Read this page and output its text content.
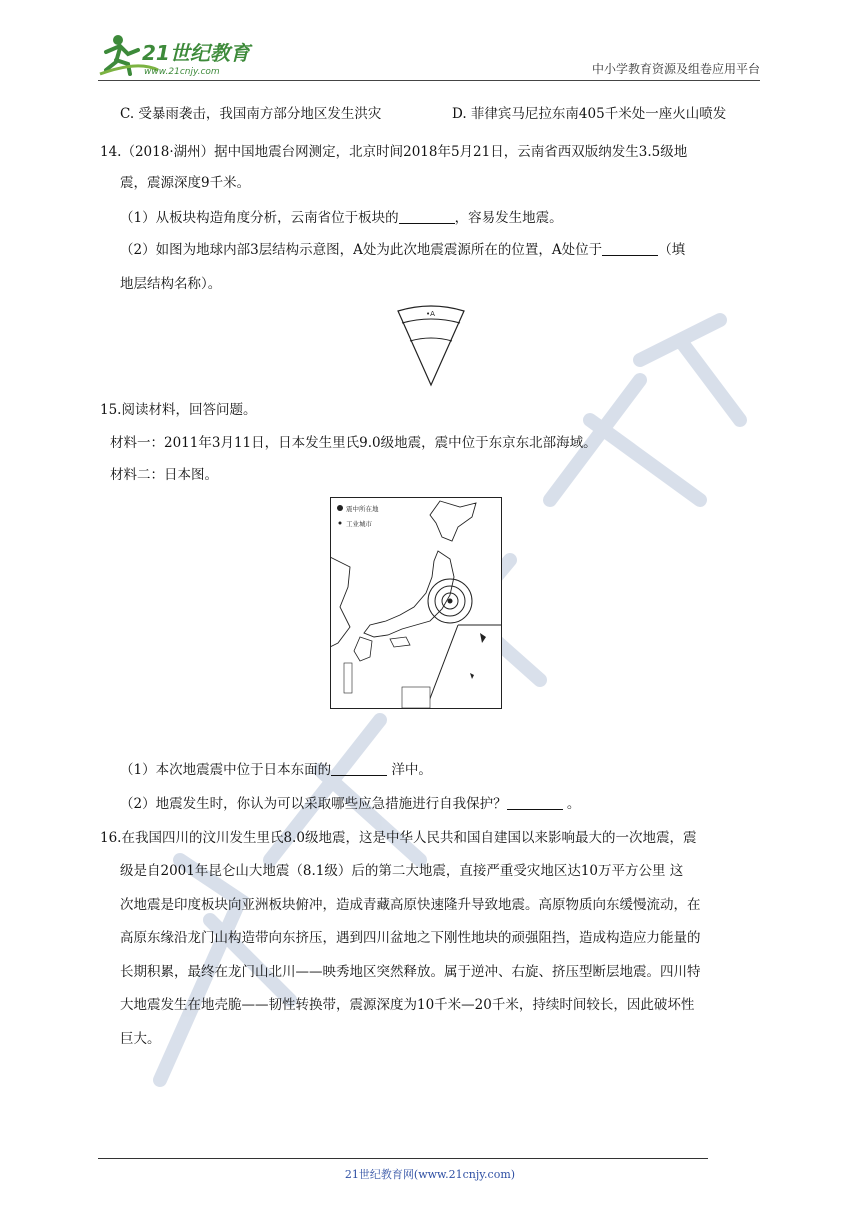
21世纪教育
www.21cnjy.com	中小学教育资源及组卷应用平台
C. 受暴雨袭击，我国南方部分地区发生洪灾	D. 菲律宾马尼拉东南405千米处一座火山喷发
14.（2018·湖州）据中国地震台网测定，北京时间2018年5月21日，云南省西双版纳发生3.5级地
震，震源深度9千米。
（1）从板块构造角度分析，云南省位于板块的	，容易发生地震。
（2）如图为地球内部3层结构示意图，A处为此次地震震源所在的位置，A处位于	（填
地层结构名称）。
•A
15.阅读材料，回答问题。
材料一：2011年3月11日，日本发生里氏9.0级地震，震中位于东京东北部海域。
材料二：日本图。
震中所在地
工业城市
（1）本次地震震中位于日本东面的	洋中。
（2）地震发生时，你认为可以采取哪些应急措施进行自我保护？	。
16.在我国四川的汶川发生里氏8.0级地震，这是中华人民共和国自建国以来影响最大的一次地震，震
级是自2001年昆仑山大地震（8.1级）后的第二大地震，直接严重受灾地区达10万平方公里 这
次地震是印度板块向亚洲板块俯冲，造成青藏高原快速隆升导致地震。高原物质向东缓慢流动，在
高原东缘沿龙门山构造带向东挤压，遇到四川盆地之下刚性地块的顽强阻挡，造成构造应力能量的
长期积累，最终在龙门山北川——映秀地区突然释放。属于逆冲、右旋、挤压型断层地震。四川特
大地震发生在地壳脆——韧性转换带，震源深度为10千米—20千米，持续时间较长，因此破坏性
巨大。
21世纪教育网(www.21cnjy.com)
